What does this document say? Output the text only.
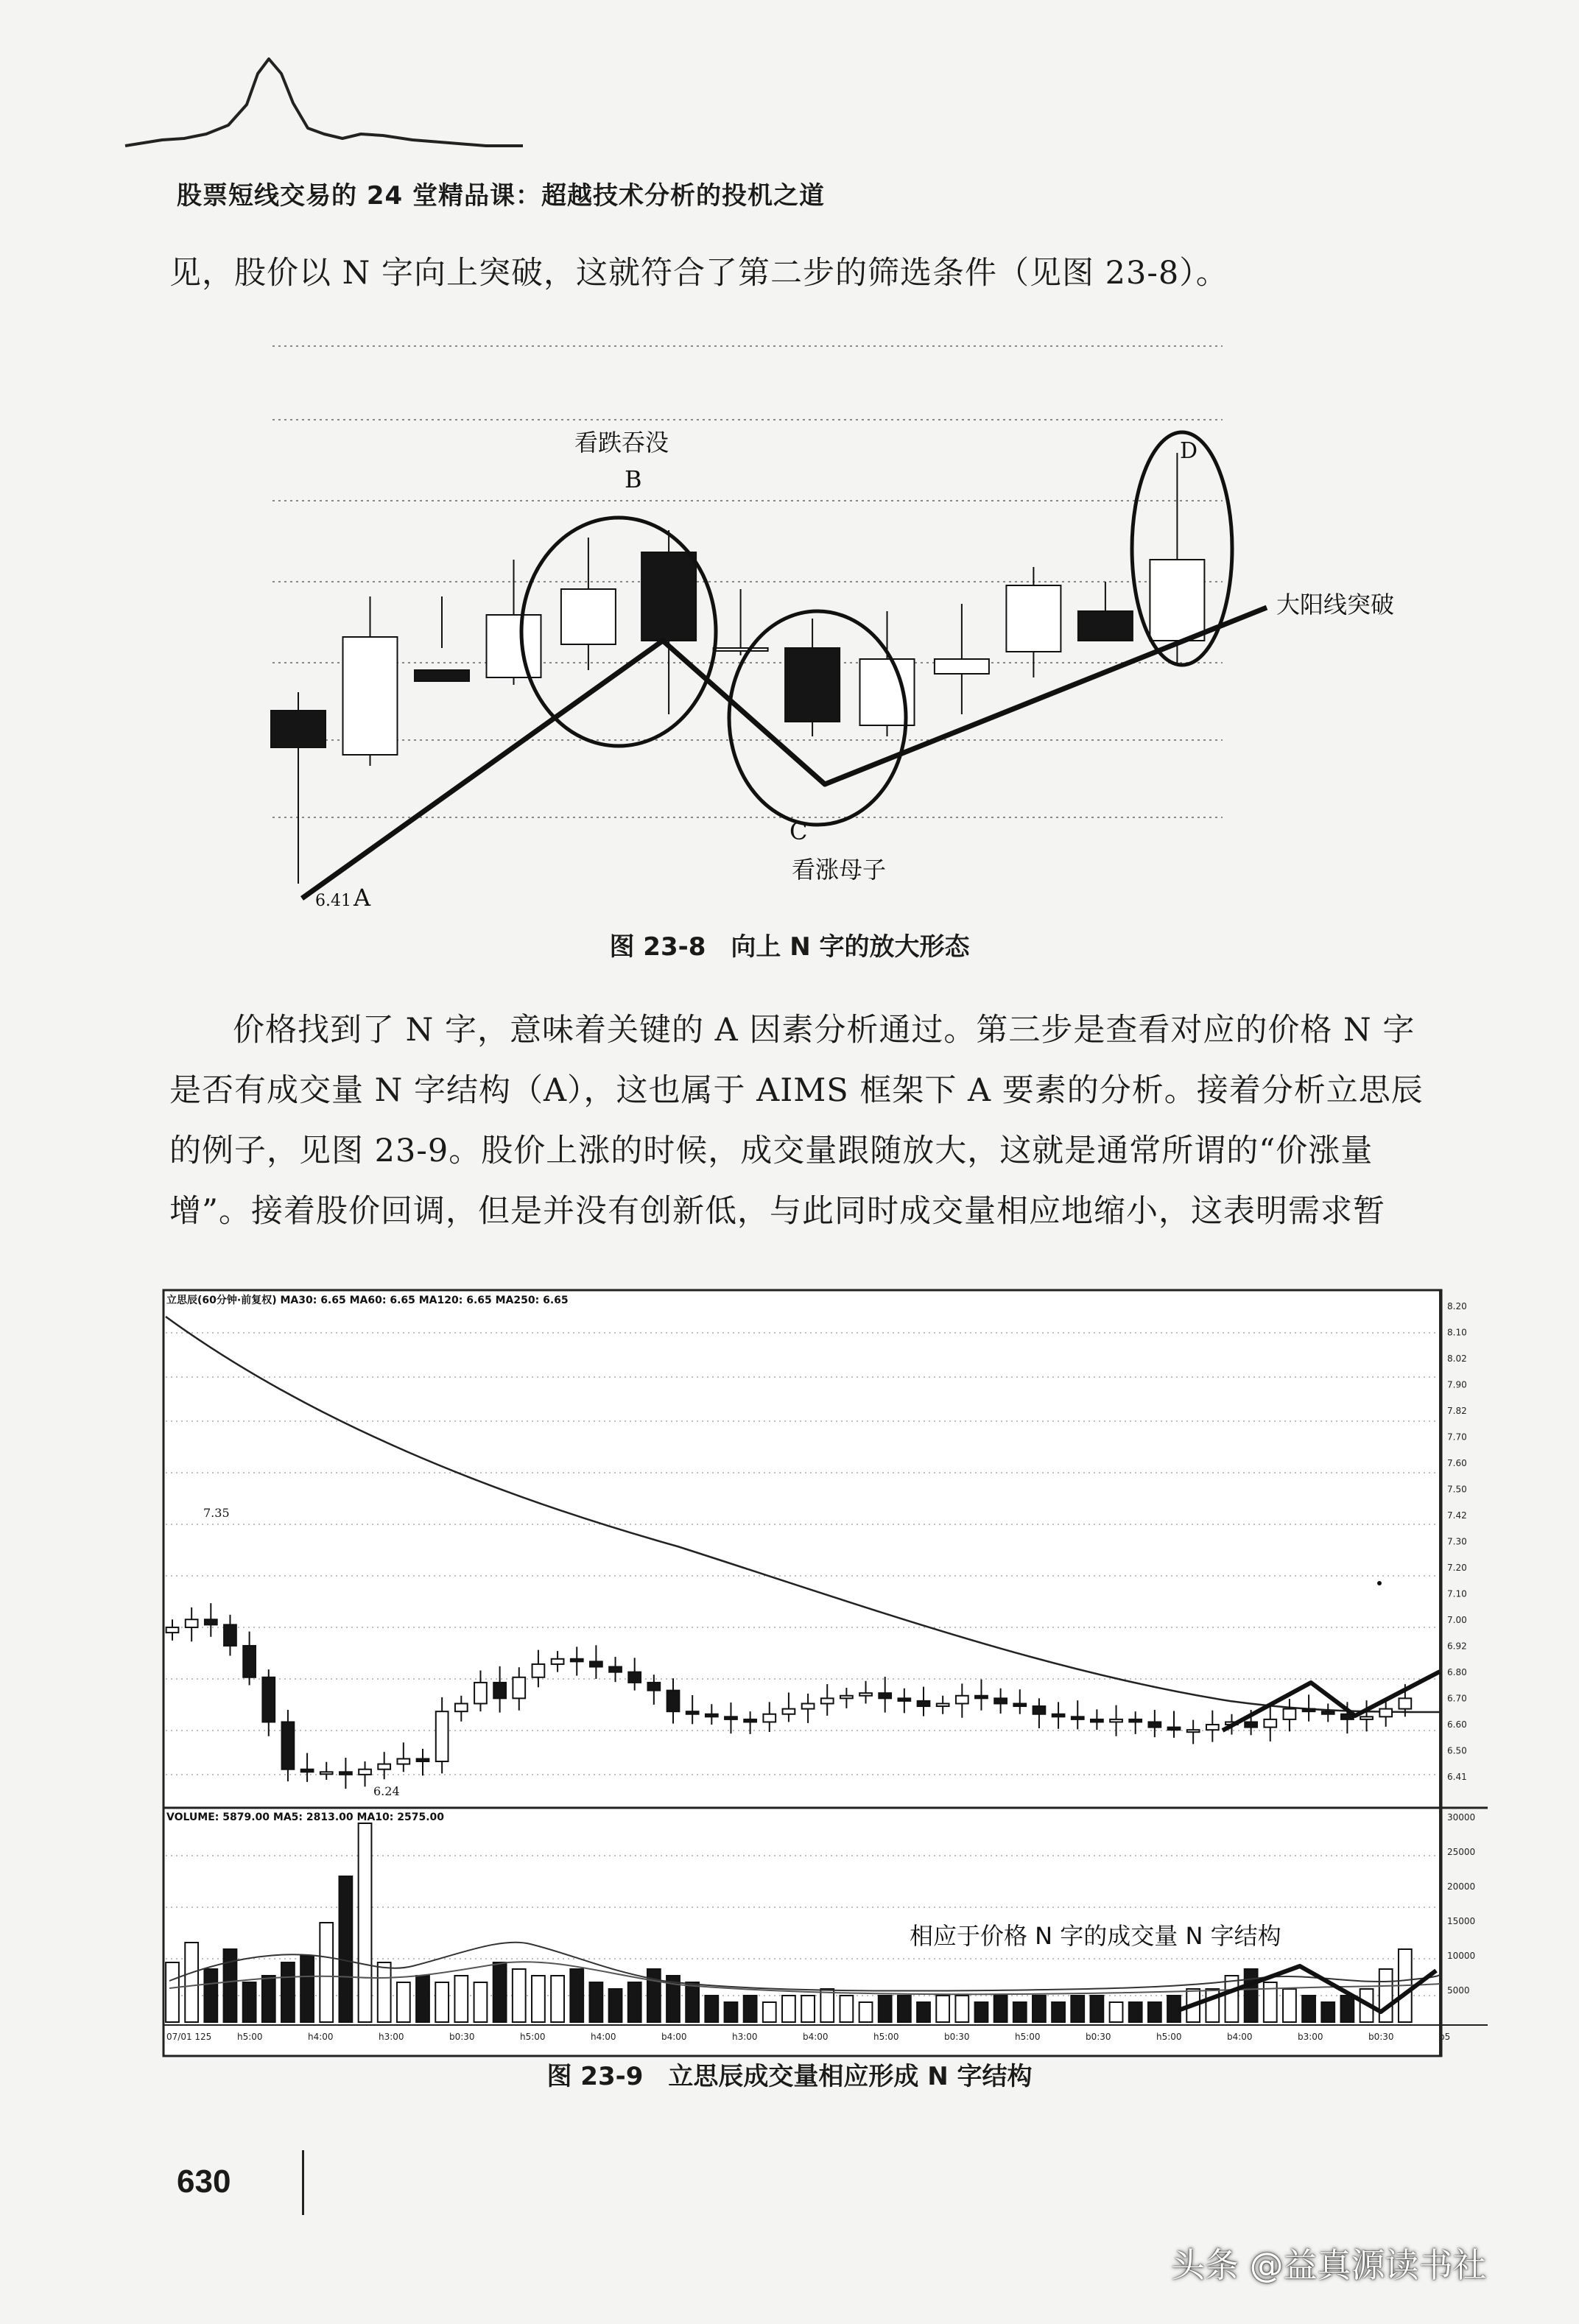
股票短线交易的 24 堂精品课：超越技术分析的投机之道
见，股价以 N 字向上突破，这就符合了第二步的筛选条件（见图 23-8）。
看跌吞没
B
C
看涨母子
D
A
6.41
大阳线突破
图 23-8　向上 N 字的放大形态
价格找到了 N 字，意味着关键的 A 因素分析通过。第三步是查看对应的价格 N 字
是否有成交量 N 字结构（A），这也属于 AIMS 框架下 A 要素的分析。接着分析立思辰
的例子，见图 23-9。股价上涨的时候，成交量跟随放大，这就是通常所谓的“价涨量
增”。接着股价回调，但是并没有创新低，与此同时成交量相应地缩小，这表明需求暂
立思辰(60分钟·前复权) MA30: 6.65 MA60: 6.65 MA120: 6.65 MA250: 6.65
VOLUME: 5879.00 MA5: 2813.00 MA10: 2575.00
8.20
8.10
8.02
7.90
7.82
7.70
7.60
7.50
7.42
7.30
7.20
7.10
7.00
6.92
6.80
6.70
6.60
6.50
6.41
30000
25000
20000
15000
10000
5000
07/01 125	h5:00	h4:00	h3:00	b0:30	h5:00	h4:00	b4:00	h3:00	b4:00	h5:00	b0:30	h5:00	b0:30	h5:00	b4:00	b3:00	b0:30	b5
7.35
6.24
相应于价格 N 字的成交量 N 字结构
图 23-9　立思辰成交量相应形成 N 字结构
630
头条 @益真源读书社
